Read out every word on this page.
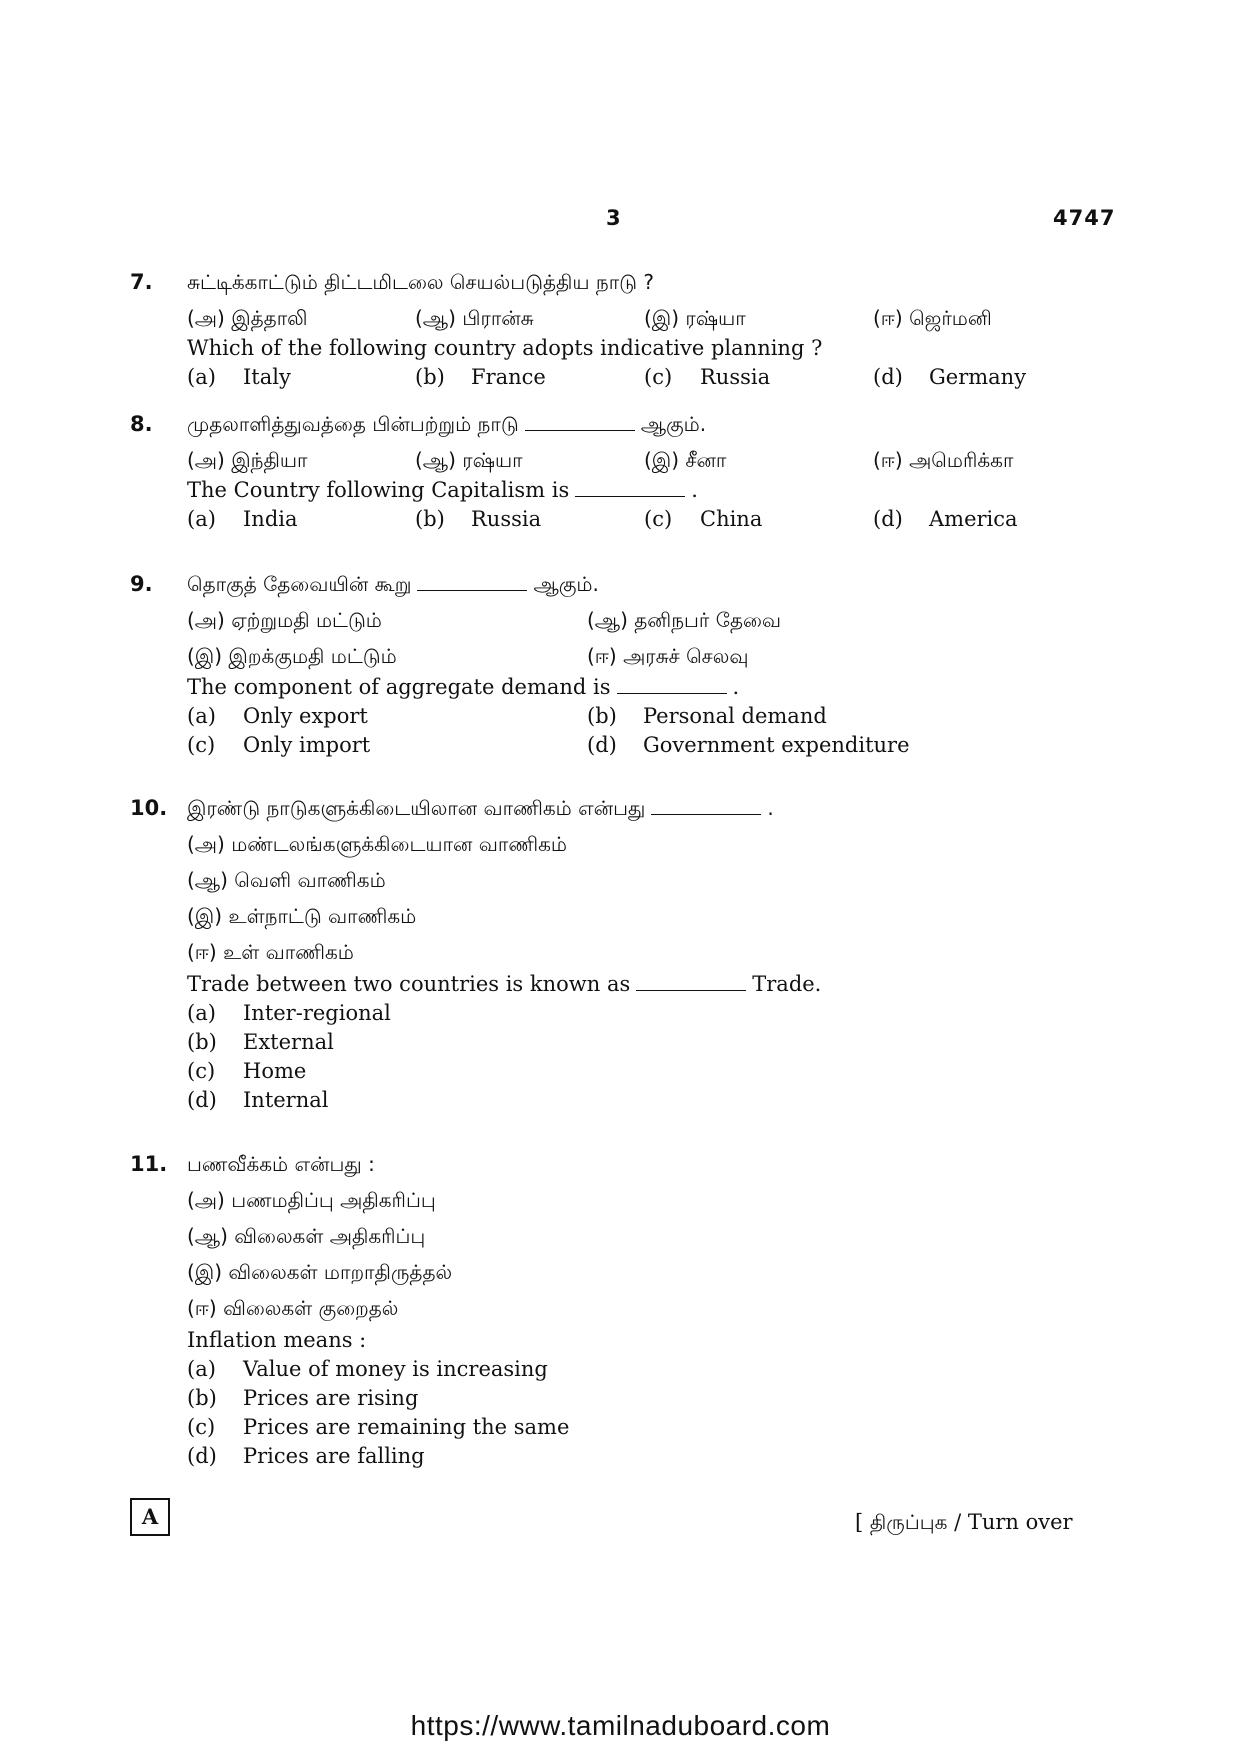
3	4747
7. சுட்டிக்காட்டும் திட்டமிடலை செயல்படுத்திய நாடு ?
(அ) இத்தாலி	(ஆ) பிரான்சு	(இ) ரஷ்யா	(ஈ) ஜெர்மனி
Which of the following country adopts indicative planning ?
(a) Italy	(b) France	(c) Russia	(d) Germany
8. முதலாளித்துவத்தை பின்பற்றும் நாடு	ஆகும்.
(அ) இந்தியா	(ஆ) ரஷ்யா	(இ) சீனா	(ஈ) அமெரிக்கா
The Country following Capitalism is	.
(a) India	(b) Russia	(c) China	(d) America
9. தொகுத் தேவையின் கூறு	ஆகும்.
(அ) ஏற்றுமதி மட்டும்	(ஆ) தனிநபர் தேவை
(இ) இறக்குமதி மட்டும்	(ஈ) அரசுச் செலவு
The component of aggregate demand is	.
(a) Only export	(b) Personal demand
(c) Only import	(d) Government expenditure
10. இரண்டு நாடுகளுக்கிடையிலான வாணிகம் என்பது	.
(அ) மண்டலங்களுக்கிடையான வாணிகம்
(ஆ) வெளி வாணிகம்
(இ) உள்நாட்டு வாணிகம்
(ஈ) உள் வாணிகம்
Trade between two countries is known as	Trade.
(a) Inter-regional
(b) External
(c) Home
(d) Internal
11. பணவீக்கம் என்பது :
(அ) பணமதிப்பு அதிகரிப்பு
(ஆ) விலைகள் அதிகரிப்பு
(இ) விலைகள் மாறாதிருத்தல்
(ஈ) விலைகள் குறைதல்
Inflation means :
(a) Value of money is increasing
(b) Prices are rising
(c) Prices are remaining the same
(d) Prices are falling
A	[ திருப்புக / Turn over
https://www.tamilnaduboard.com
